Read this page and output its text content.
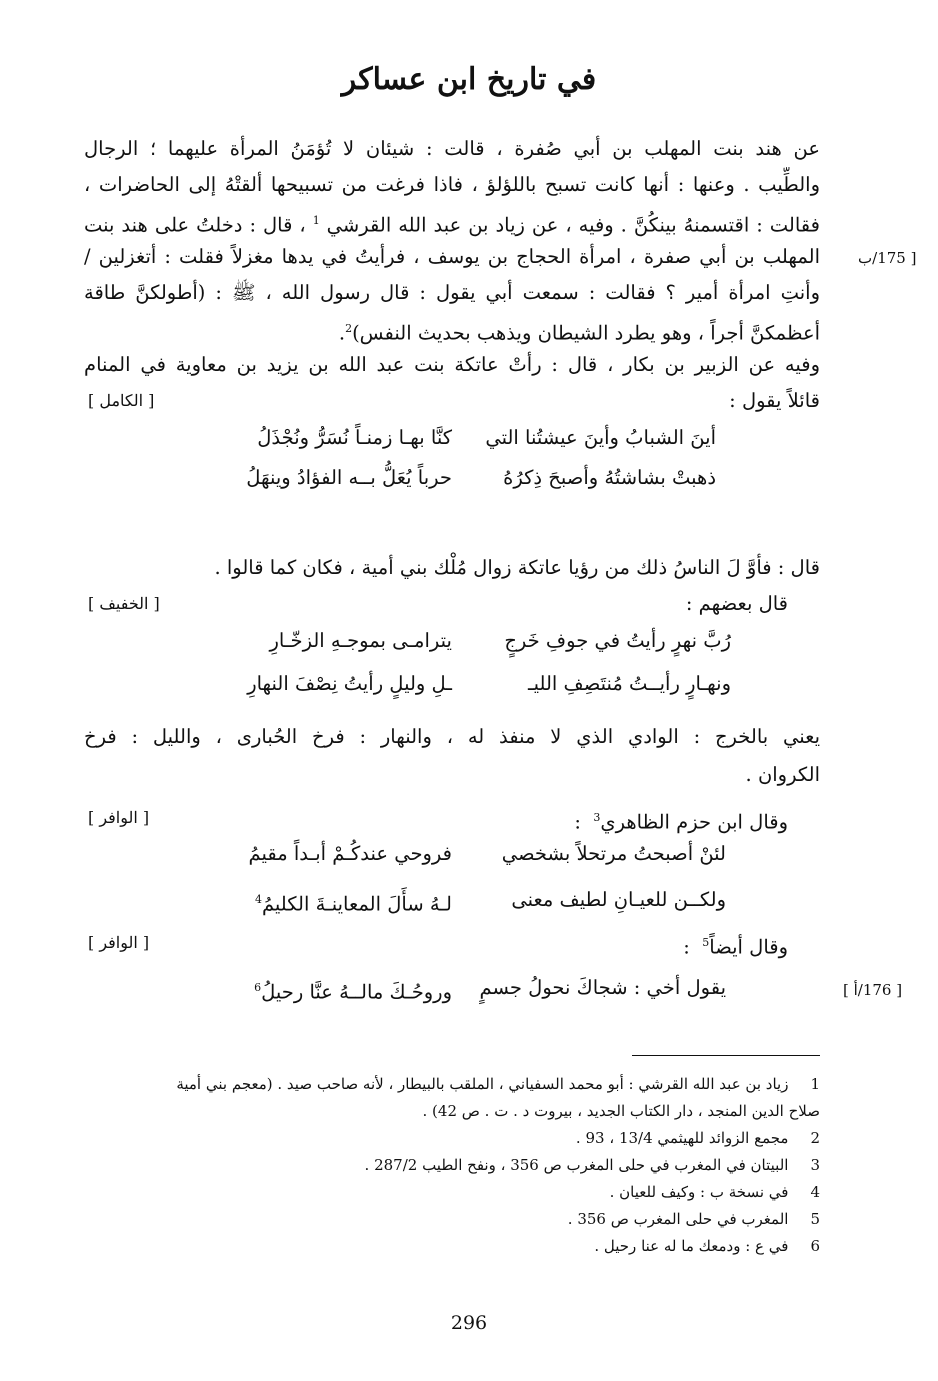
في تاريخ ابن عساكر
عن هند بنت المهلب بن أبي صُفرة ، قالت : شيئان لا تُؤمَنُ المرأة عليهما ؛ الرجال
والطِّيب . وعنها : أنها كانت تسبح باللؤلؤ ، فاذا فرغت من تسبيحها ألقتْهُ إلى الحاضرات ،
فقالت : اقتسمنهُ بينكُنَّ . وفيه ، عن زياد بن عبد الله القرشي $^1$ ، قال : دخلتُ على هند بنت
المهلب بن أبي صفرة ، امرأة الحجاج بن يوسف ، فرأيتُ في يدها مغزلاً فقلت : أتغزلين /	[ 175/ب
وأنتِ امرأة أمير ؟ فقالت : سمعت أبي يقول : قال رسول الله ، ﷺ : (أطولكنَّ طاقة
أعظمكنَّ أجراً ، وهو يطرد الشيطان ويذهب بحديث النفس)$^2$.
وفيه عن الزبير بن بكار ، قال : رأتْ عاتكة بنت عبد الله بن يزيد بن معاوية في المنام
قائلاً يقول :
[ الكامل ]
أينَ الشبابُ وأينَ عيشتُنا التي
كنَّا بهـا زمنـاً نُسَرُّ ونُجْذَلُ
ذهبتْ بشاشتُهُ وأصبحَ ذِكرُهُ
حرباً يُعَلُّ بــه الفؤادُ وينهَلُ
قال : فأوَّ لَ الناسُ ذلك من رؤيا عاتكة زوال مُلْك بني أمية ، فكان كما قالوا .
قال بعضهم :
[ الخفيف ]
رُبَّ نهرٍ رأيتُ في جوفِ خَرجٍ
يترامـى بموجـهِ الزخّـارِ
ونهـارٍ رأيــتُ مُنتَصِفِ الليـ
ـلِ وليلٍ رأيتُ نِصْفَ النهارِ
يعني بالخرج : الوادي الذي لا منفذ له ، والنهار : فرخ الحُبارى ، والليل : فرخ
الكروان .
وقال ابن حزم الظاهري$^3$  :
[ الوافر ]
لئنْ أصبحتُ مرتحلاً بشخصي
فروحي عندكُـمْ أبـداً مقيمُ
ولكــن للعيـانِ لطيف معنى
لـهُ سأَلَ المعاينـةَ الكليمُ$^4$
وقال أيضاً$^5$  :
[ الوافر ]
يقول أخي : شجاكَ نحولُ جسمٍ
وروحُـكَ مالــهُ عنَّا رحيلُ$^6$	[ 176/أ ]
1  زياد بن عبد الله القرشي : أبو محمد السفياني ، الملقب بالبيطار ، لأنه صاحب صيد . (معجم بني أمية
صلاح الدين المنجد ، دار الكتاب الجديد ، بيروت د . ت . ص 42) .
2  مجمع الزوائد للهيثمي 13/4 ، 93 .
3  البيتان في المغرب في حلى المغرب ص 356 ، ونفح الطيب 287/2 .
4  في نسخة ب : وكيف للعيان .
5  المغرب في حلى المغرب ص 356 .
6  في ع : ودمعك ما له عنا رحيل .
296
